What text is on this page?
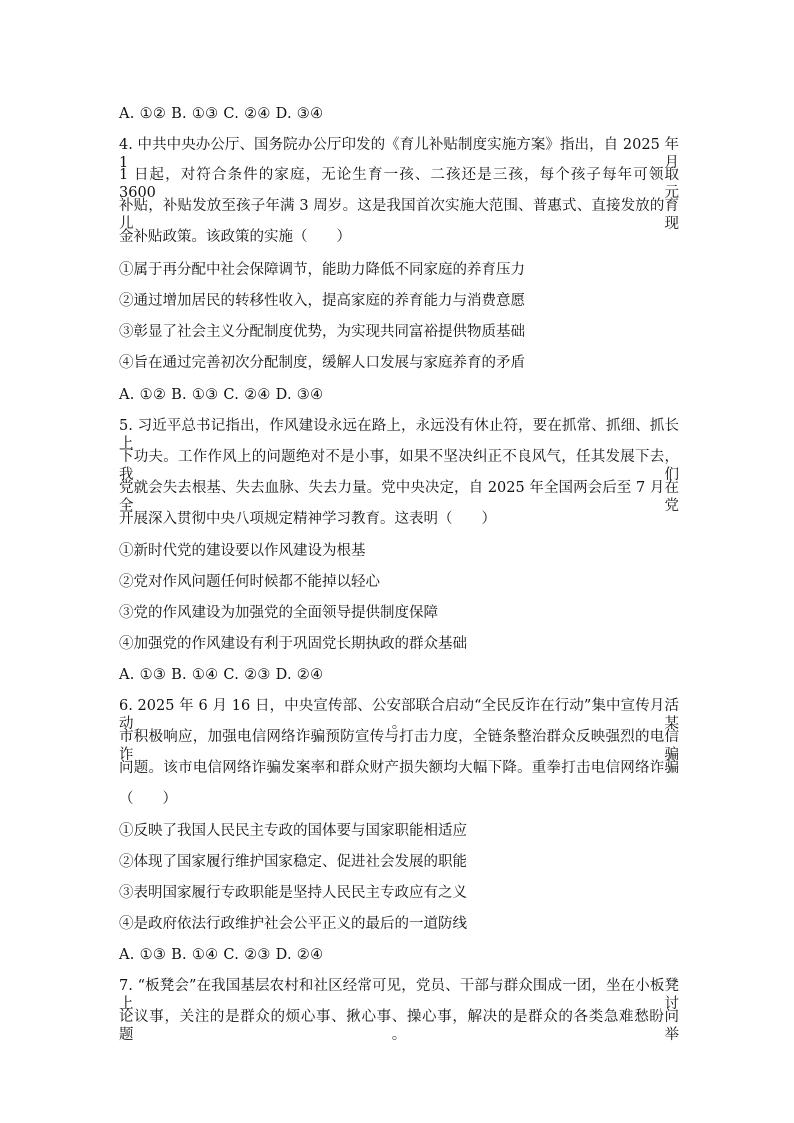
A. ①② B. ①③ C. ②④ D. ③④
4. 中共中央办公厅、国务院办公厅印发的《育儿补贴制度实施方案》指出，自 2025 年 1 月
1 日起，对符合条件的家庭，无论生育一孩、二孩还是三孩，每个孩子每年可领取 3600 元
补贴，补贴发放至孩子年满 3 周岁。这是我国首次实施大范围、普惠式、直接发放的育儿现
金补贴政策。该政策的实施（　　）
①属于再分配中社会保障调节，能助力降低不同家庭的养育压力
②通过增加居民的转移性收入，提高家庭的养育能力与消费意愿
③彰显了社会主义分配制度优势，为实现共同富裕提供物质基础
④旨在通过完善初次分配制度，缓解人口发展与家庭养育的矛盾
A. ①② B. ①③ C. ②④ D. ③④
5. 习近平总书记指出，作风建设永远在路上，永远没有休止符，要在抓常、抓细、抓长上
下功夫。工作作风上的问题绝对不是小事，如果不坚决纠正不良风气，任其发展下去，我们
党就会失去根基、失去血脉、失去力量。党中央决定，自 2025 年全国两会后至 7 月在全党
开展深入贯彻中央八项规定精神学习教育。这表明（　　）
①新时代党的建设要以作风建设为根基
②党对作风问题任何时候都不能掉以轻心
③党的作风建设为加强党的全面领导提供制度保障
④加强党的作风建设有利于巩固党长期执政的群众基础
A. ①③ B. ①④ C. ②③ D. ②④
6. 2025 年 6 月 16 日，中央宣传部、公安部联合启动“全民反诈在行动”集中宣传月活动。某
市积极响应，加强电信网络诈骗预防宣传与打击力度，全链条整治群众反映强烈的电信诈骗
问题。该市电信网络诈骗发案率和群众财产损失额均大幅下降。重拳打击电信网络诈骗
（　　）
①反映了我国人民民主专政的国体要与国家职能相适应
②体现了国家履行维护国家稳定、促进社会发展的职能
③表明国家履行专政职能是坚持人民民主专政应有之义
④是政府依法行政维护社会公平正义的最后的一道防线
A. ①③ B. ①④ C. ②③ D. ②④
7. “板凳会”在我国基层农村和社区经常可见，党员、干部与群众围成一团，坐在小板凳上讨
论议事，关注的是群众的烦心事、揪心事、操心事，解决的是群众的各类急难愁盼问题。举
